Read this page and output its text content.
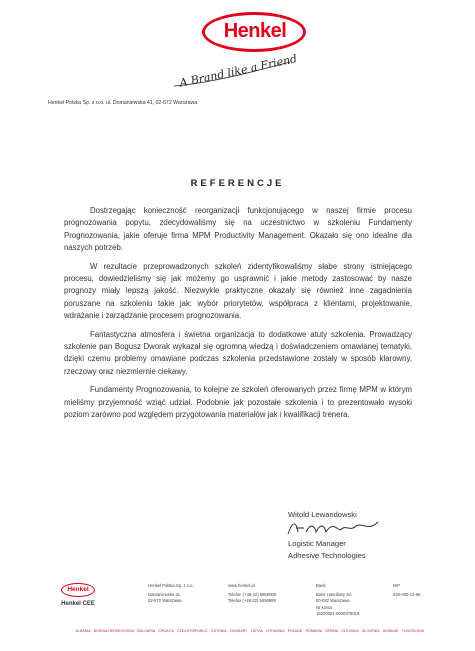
Henkel
A Brand like a Friend
Henkel Polska Sp. z o.o. ul. Domaniewska 41, 02-672 Warszawa
REFERENCJE

Dostrzegając konieczność reorganizacji funkcjonującego w naszej firmie procesu prognozowania popytu, zdecydowaliśmy się na uczestnictwo w szkoleniu Fundamenty Prognozowania, jakie oferuje firma MPM Productivity Management. Okazało się ono idealne dla naszych potrzeb.

W rezultacie przeprowadzonych szkoleń zidentyfikowaliśmy słabe strony istniejącego procesu, dowiedzieliśmy się jak możemy go usprawnić i jakie metody zastosować by nasze prognozy miały lepszą jakość. Niezwykle praktyczne okazały się również inne zagadnienia poruszane na szkoleniu takie jak: wybór priorytetów, współpraca z klientami, projektowanie, wdrażanie i zarządzanie procesem prognozowania.

Fantastyczna atmosfera i świetna organizacja to dodatkowe atuty szkolenia. Prowadzący szkolenie pan Bogusz Dworak wykazał się ogromną wiedzą i doświadczeniem omawianej tematyki, dzięki czemu problemy omawiane podczas szkolenia przedstawione zostały w sposób klarowny, rzeczowy oraz niezmiernie ciekawy.

Fundamenty Prognozowania, to kolejne ze szkoleń oferowanych przez firmę MPM w którym mieliśmy przyjemność wziąć udział. Podobnie jak pozostałe szkolenia i to prezentowało wysoki poziom zarówno pod względem przygotowania materiałów jak i kwalifikacji trenera.

Witold Lewandowski
Logistic Manager
Adhesive Technologies
Henkel
Henkel CEE
Henkel Polska Sp. z o.o.
Domaniewska 41
02-672 Warszawa
www.henkel.pl
Telefon (+48-22) 5656000
Telefax (+48-22) 5656999
Bank
Bank Handlowy SA
00-082 Warszawa
Nr konta:
16200001-0000378018
NIP
526-000-14-96
ALBANIA · BOSNIA-HERZEGOVINA · BULGARIA · CROATIA · CZECH REPUBLIC · ESTONIA · HUNGARY · LATVIA · LITHUANIA · POLAND · ROMANIA · SERBIA · SLOVAKIA · SLOVENIA · UKRAINE · YUGOSLAVIA
